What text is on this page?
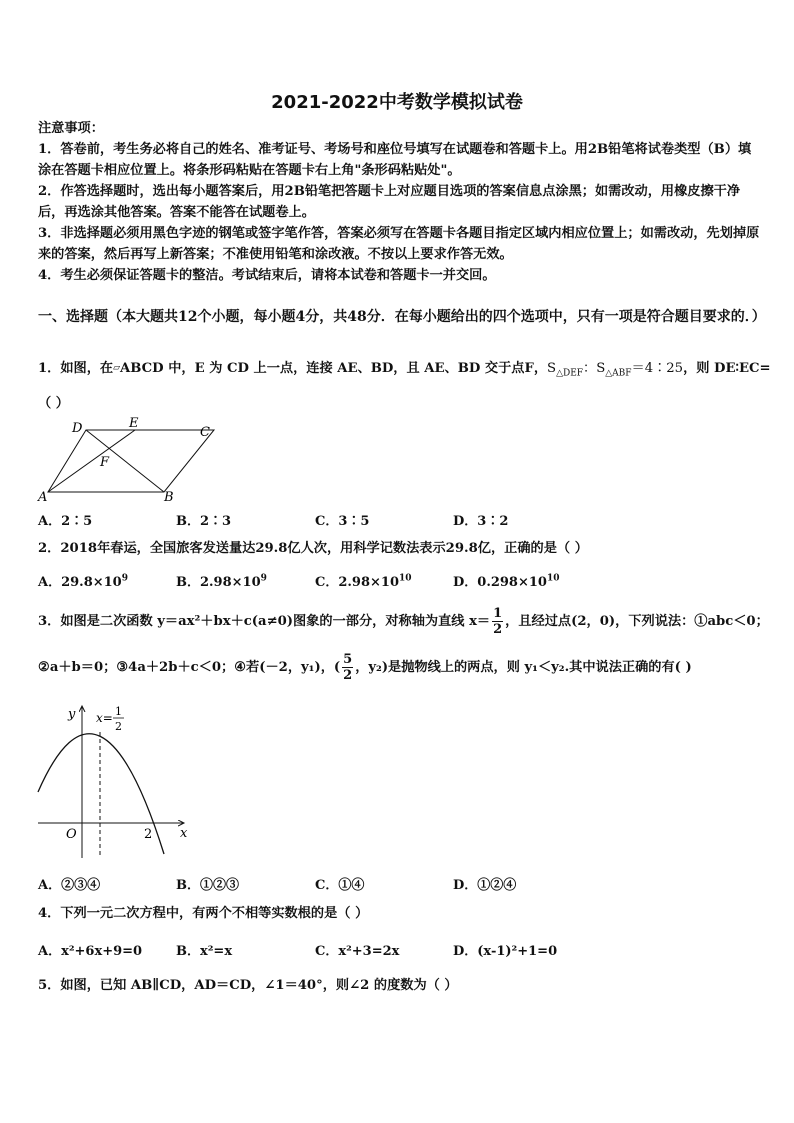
2021-2022中考数学模拟试卷
注意事项：
1．答卷前，考生务必将自己的姓名、准考证号、考场号和座位号填写在试题卷和答题卡上。用2B铅笔将试卷类型（B）填涂在答题卡相应位置上。将条形码粘贴在答题卡右上角"条形码粘贴处"。
2．作答选择题时，选出每小题答案后，用2B铅笔把答题卡上对应题目选项的答案信息点涂黑；如需改动，用橡皮擦干净后，再选涂其他答案。答案不能答在试题卷上。
3．非选择题必须用黑色字迹的钢笔或签字笔作答，答案必须写在答题卡各题目指定区域内相应位置上；如需改动，先划掉原来的答案，然后再写上新答案；不准使用铅笔和涂改液。不按以上要求作答无效。
4．考生必须保证答题卡的整洁。考试结束后，请将本试卷和答题卡一并交回。
一、选择题（本大题共12个小题，每小题4分，共48分．在每小题给出的四个选项中，只有一项是符合题目要求的．）
1．如图，在▱ABCD 中，E 为 CD 上一点，连接 AE、BD，且 AE、BD 交于点F，$S_{\triangle DEF}$：$S_{\triangle ABF}=4∶25$，则 DE∶EC=
（ ）
D	E
C
F
A	B
A．2∶5	B．2∶3	C．3∶5	D．3∶2
2．2018年春运，全国旅客发送量达29.8亿人次，用科学记数法表示29.8亿，正确的是（ ）
A．$29.8\times 10^9$	B．$2.98\times 10^9$	C．$2.98\times 10^{10}$	D．$0.298\times 10^{10}$
3．如图是二次函数 y＝ax²＋bx＋c(a≠0)图象的一部分，对称轴为直线 $x= \frac{1}{2}$ ，且经过点(2，0)，下列说法：①abc＜0；
②a＋b＝0；③4a＋2b＋c＜0；④若(－2，y₁)，( $\frac{5}{2}$ ，y₂)是抛物线上的两点，则 y₁＜y₂.其中说法正确的有( )
y
x
O	2
x= 1
2
A．②③④	B．①②③	C．①④	D．①②④
4．下列一元二次方程中，有两个不相等实数根的是（ ）
A．x²+6x+9=0	B．x²=x	C．x²+3=2x	D．(x-1)²+1=0
5．如图，已知 AB∥CD，AD＝CD，∠1＝40°，则∠2 的度数为（ ）
